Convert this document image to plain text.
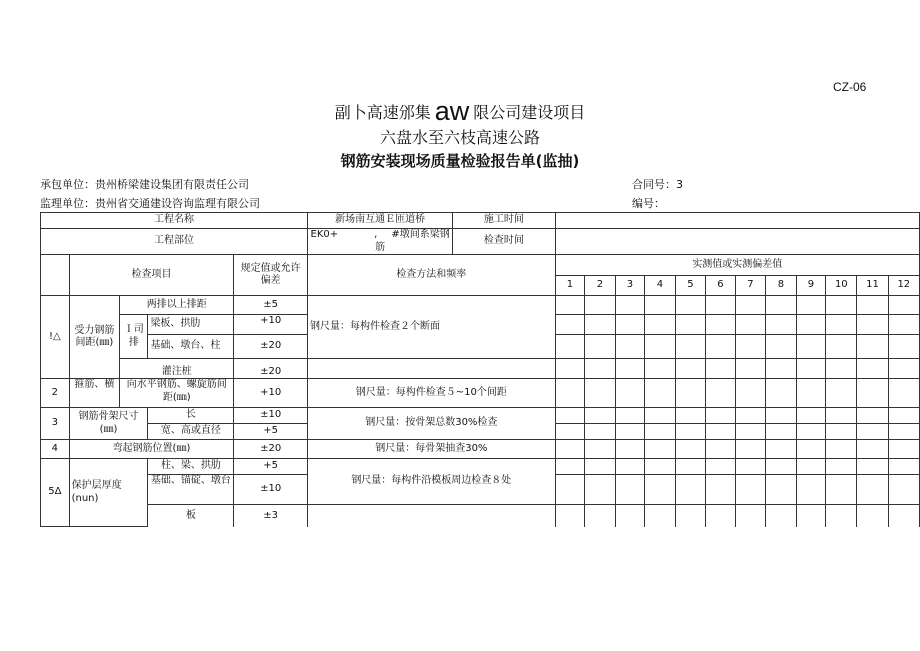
CZ-06
副卜高速邠集 aw 限公司建设项目
六盘水至六枝高速公路
钢筋安装现场质量检验报告单(监抽)
承包单位：贵州桥梁建设集团有限责任公司	合同号：3
监理单位：贵州省交通建设咨询监理有限公司	编号：
工程名称					新场南互通Ｅ匝道桥	施工时间												
工程部位					EK0+ , #墩间系梁钢筋	检查时间												
	检查项目			规定值或允许偏差	检查方法和频率		实测值或实测偏差值											
							1	2	3	4	5	6	7	8	9	10	11	12
!△	受力钢筋间距(㎜)	两排以上排距		±5	钢尺量：每构件检查２个断面													
		Ｉ司排	梁板、拱肋	+10														
			基础、墩台、柱	±20														
		灌注桩		±20														
2	箍筋、横	向水平钢筋、螺旋筋间距(㎜)		+10	钢尺量：每构件检查５~10个间距													
3	钢筋骨架尺寸(㎜)		长	±10	钢尺量：按骨架总数30%检查													
			宽、高或直径	+5														
4	弯起钢筋位置(㎜)			±20	钢尺量：每骨架抽查30%													
5Δ	保护层厚度(nun)		柱、梁、拱肋	+5	钢尺量：每构件沿模板周边检查８处													
			基础、锚碇、墩台	±10														
			板	±3														
